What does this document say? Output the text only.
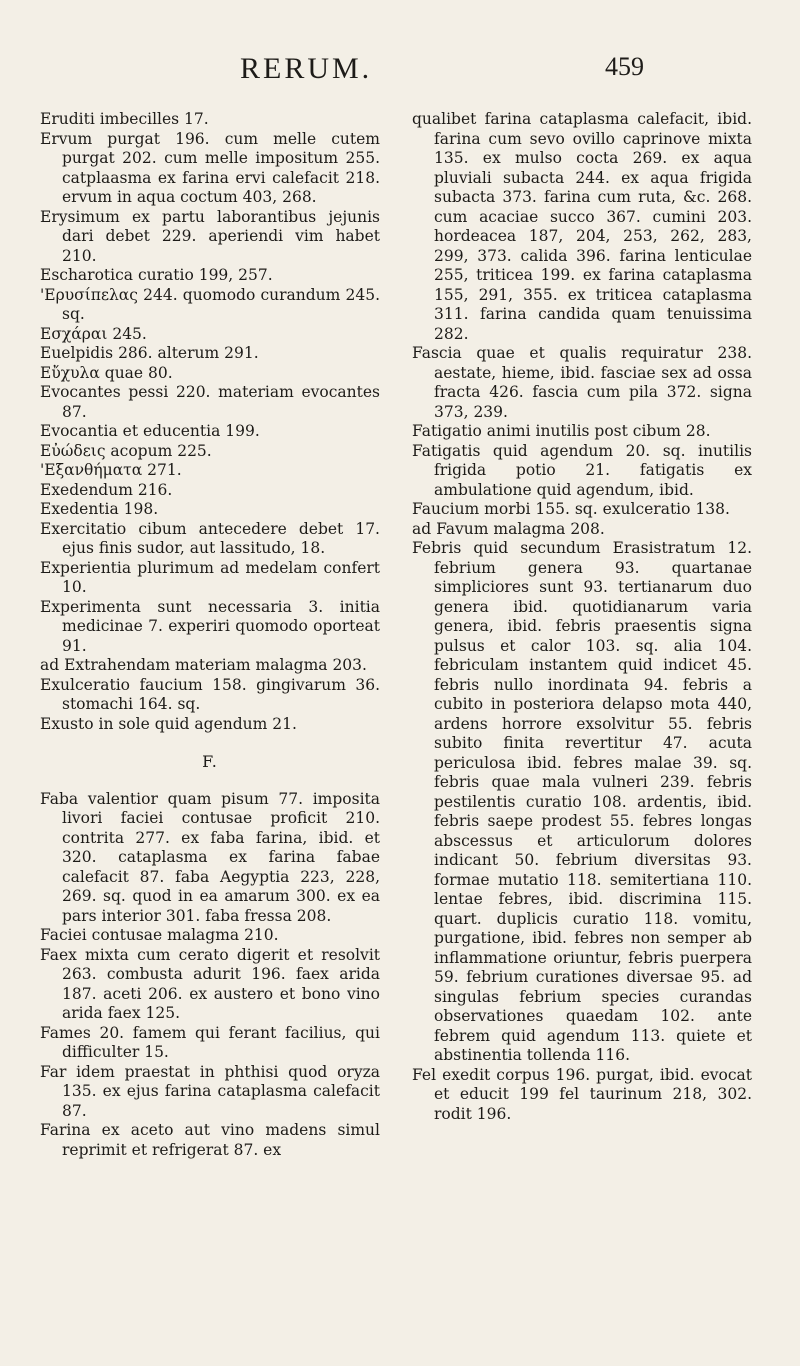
RERUM.	459

Eruditi imbecilles 17.

Ervum purgat 196. cum melle cutem purgat 202. cum melle impositum 255. catplaasma ex farina ervi calefacit 218. ervum in aqua coctum 403, 268.

Erysimum ex partu laborantibus jejunis dari debet 229. aperiendi vim habet 210.

Escharotica curatio 199, 257.

'Ερυσίπελας 244. quomodo curandum 245. sq.

Εσχάραι 245.

Euelpidis 286. alterum 291.

Εὔχυλα quae 80.

Evocantes pessi 220. materiam evocantes 87.

Evocantia et educentia 199.

Εὐώδεις acopum 225.

'Εξανθήματα 271.

Exedendum 216.

Exedentia 198.

Exercitatio cibum antecedere debet 17. ejus finis sudor, aut lassitudo, 18.

Experientia plurimum ad medelam confert 10.

Experimenta sunt necessaria 3. initia medicinae 7. experiri quomodo oporteat 91.

ad Extrahendam materiam malagma 203.

Exulceratio faucium 158. gingivarum 36. stomachi 164. sq.

Exusto in sole quid agendum 21.

F.

Faba valentior quam pisum 77. imposita livori faciei contusae proficit 210. contrita 277. ex faba farina, ibid. et 320. cataplasma ex farina fabae calefacit 87. faba Aegyptia 223, 228, 269. sq. quod in ea amarum 300. ex ea pars interior 301. faba fressa 208.

Faciei contusae malagma 210.

Faex mixta cum cerato digerit et resolvit 263. combusta adurit 196. faex arida 187. aceti 206. ex austero et bono vino arida faex 125.

Fames 20. famem qui ferant facilius, qui difficulter 15.

Far idem praestat in phthisi quod oryza 135. ex ejus farina cataplasma calefacit 87.

Farina ex aceto aut vino madens simul reprimit et refrigerat 87. ex

qualibet farina cataplasma calefacit, ibid. farina cum sevo ovillo caprinove mixta 135. ex mulso cocta 269. ex aqua pluviali subacta 244. ex aqua frigida subacta 373. farina cum ruta, &c. 268. cum acaciae succo 367. cumini 203. hordeacea 187, 204, 253, 262, 283, 299, 373. calida 396. farina lenticulae 255, triticea 199. ex farina cataplasma 155, 291, 355. ex triticea cataplasma 311. farina candida quam tenuissima 282.

Fascia quae et qualis requiratur 238. aestate, hieme, ibid. fasciae sex ad ossa fracta 426. fascia cum pila 372. signa 373, 239.

Fatigatio animi inutilis post cibum 28.

Fatigatis quid agendum 20. sq. inutilis frigida potio 21. fatigatis ex ambulatione quid agendum, ibid.

Faucium morbi 155. sq. exulceratio 138.

ad Favum malagma 208.

Febris quid secundum Erasistratum 12. febrium genera 93. quartanae simpliciores sunt 93. tertianarum duo genera ibid. quotidianarum varia genera, ibid. febris praesentis signa pulsus et calor 103. sq. alia 104. febriculam instantem quid indicet 45. febris nullo inordinata 94. febris a cubito in posteriora delapso mota 440, ardens horrore exsolvitur 55. febris subito finita revertitur 47. acuta periculosa ibid. febres malae 39. sq. febris quae mala vulneri 239. febris pestilentis curatio 108. ardentis, ibid. febris saepe prodest 55. febres longas abscessus et articulorum dolores indicant 50. febrium diversitas 93. formae mutatio 118. semitertiana 110. lentae febres, ibid. discrimina 115. quart. duplicis curatio 118. vomitu, purgatione, ibid. febres non semper ab inflammatione oriuntur, febris puerpera 59. febrium curationes diversae 95. ad singulas febrium species curandas observationes quaedam 102. ante febrem quid agendum 113. quiete et abstinentia tollenda 116.

Fel exedit corpus 196. purgat, ibid. evocat et educit 199 fel taurinum 218, 302. rodit 196.
